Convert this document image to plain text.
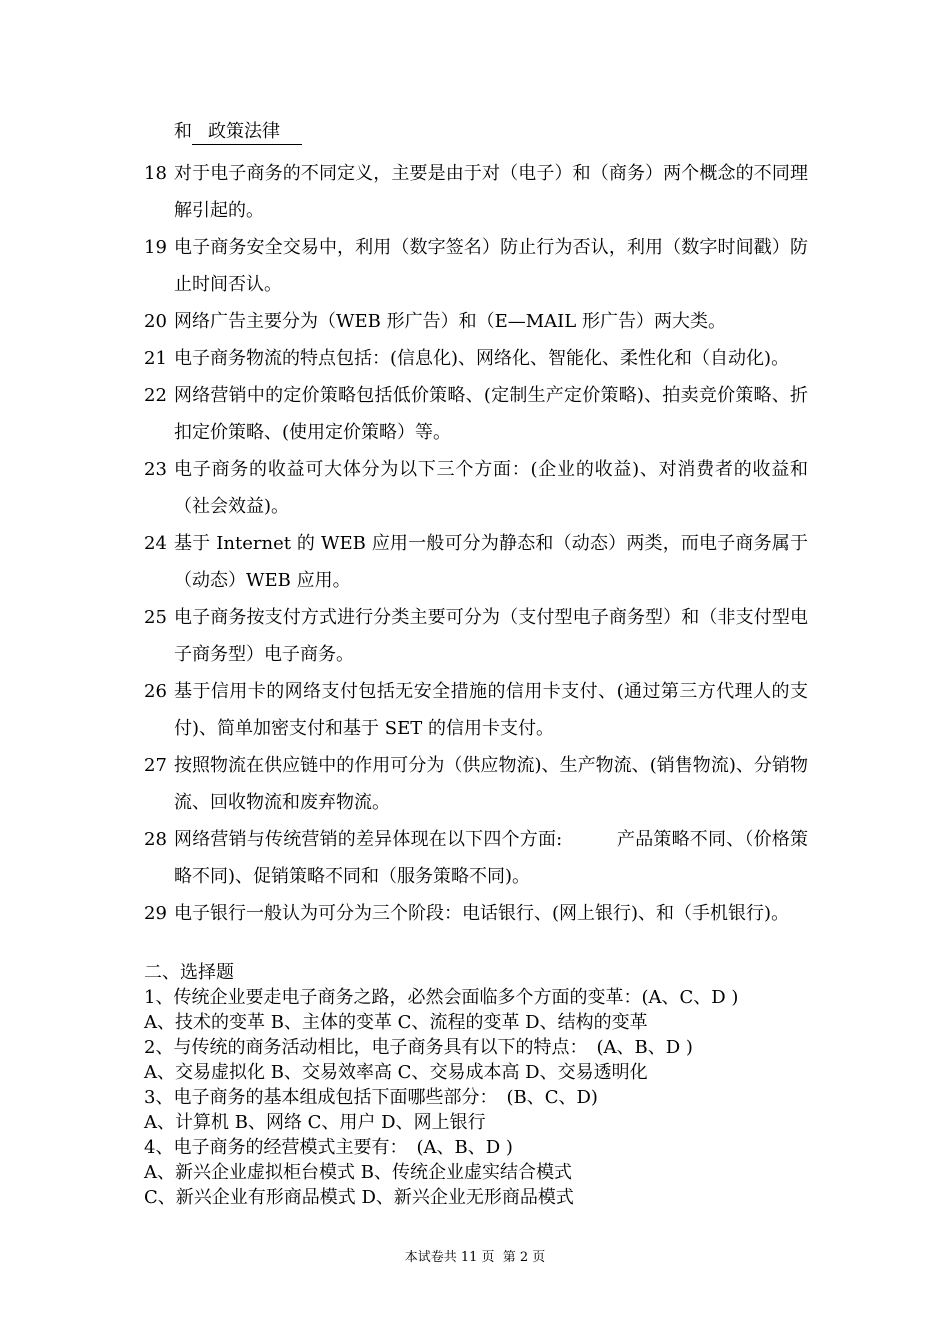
和 政策法律
18 对于电子商务的不同定义，主要是由于对（电子）和（商务）两个概念的不同理解引起的。
19 电子商务安全交易中，利用（数字签名）防止行为否认，利用（数字时间戳）防止时间否认。
20 网络广告主要分为（WEB 形广告）和（E—MAIL 形广告）两大类。
21 电子商务物流的特点包括：(信息化)、网络化、智能化、柔性化和（自动化)。
22 网络营销中的定价策略包括低价策略、(定制生产定价策略)、拍卖竞价策略、折扣定价策略、(使用定价策略）等。
23 电子商务的收益可大体分为以下三个方面：(企业的收益)、对消费者的收益和　（社会效益)。
24 基于 Internet 的 WEB 应用一般可分为静态和（动态）两类，而电子商务属于（动态）WEB 应用。
25 电子商务按支付方式进行分类主要可分为（支付型电子商务型）和（非支付型电子商务型）电子商务。
26 基于信用卡的网络支付包括无安全措施的信用卡支付、(通过第三方代理人的支付)、简单加密支付和基于 SET 的信用卡支付。
27 按照物流在供应链中的作用可分为（供应物流)、生产物流、(销售物流)、分销物流、回收物流和废弃物流。
28 网络营销与传统营销的差异体现在以下四个方面:　　　产品策略不同、（价格策略不同)、促销策略不同和（服务策略不同)。
29 电子银行一般认为可分为三个阶段：电话银行、(网上银行)、和（手机银行)。
二、选择题
1、传统企业要走电子商务之路，必然会面临多个方面的变革：(A、C、D )
A、技术的变革 B、主体的变革 C、流程的变革 D、结构的变革
2、与传统的商务活动相比，电子商务具有以下的特点：　(A、B、D )
A、交易虚拟化 B、交易效率高 C、交易成本高 D、交易透明化
3、电子商务的基本组成包括下面哪些部分：　(B、C、D)
A、计算机 B、网络 C、用户 D、网上银行
4、电子商务的经营模式主要有：　(A、B、D )
A、新兴企业虚拟柜台模式 B、传统企业虚实结合模式
C、新兴企业有形商品模式 D、新兴企业无形商品模式
本试卷共 11 页 第 2 页
